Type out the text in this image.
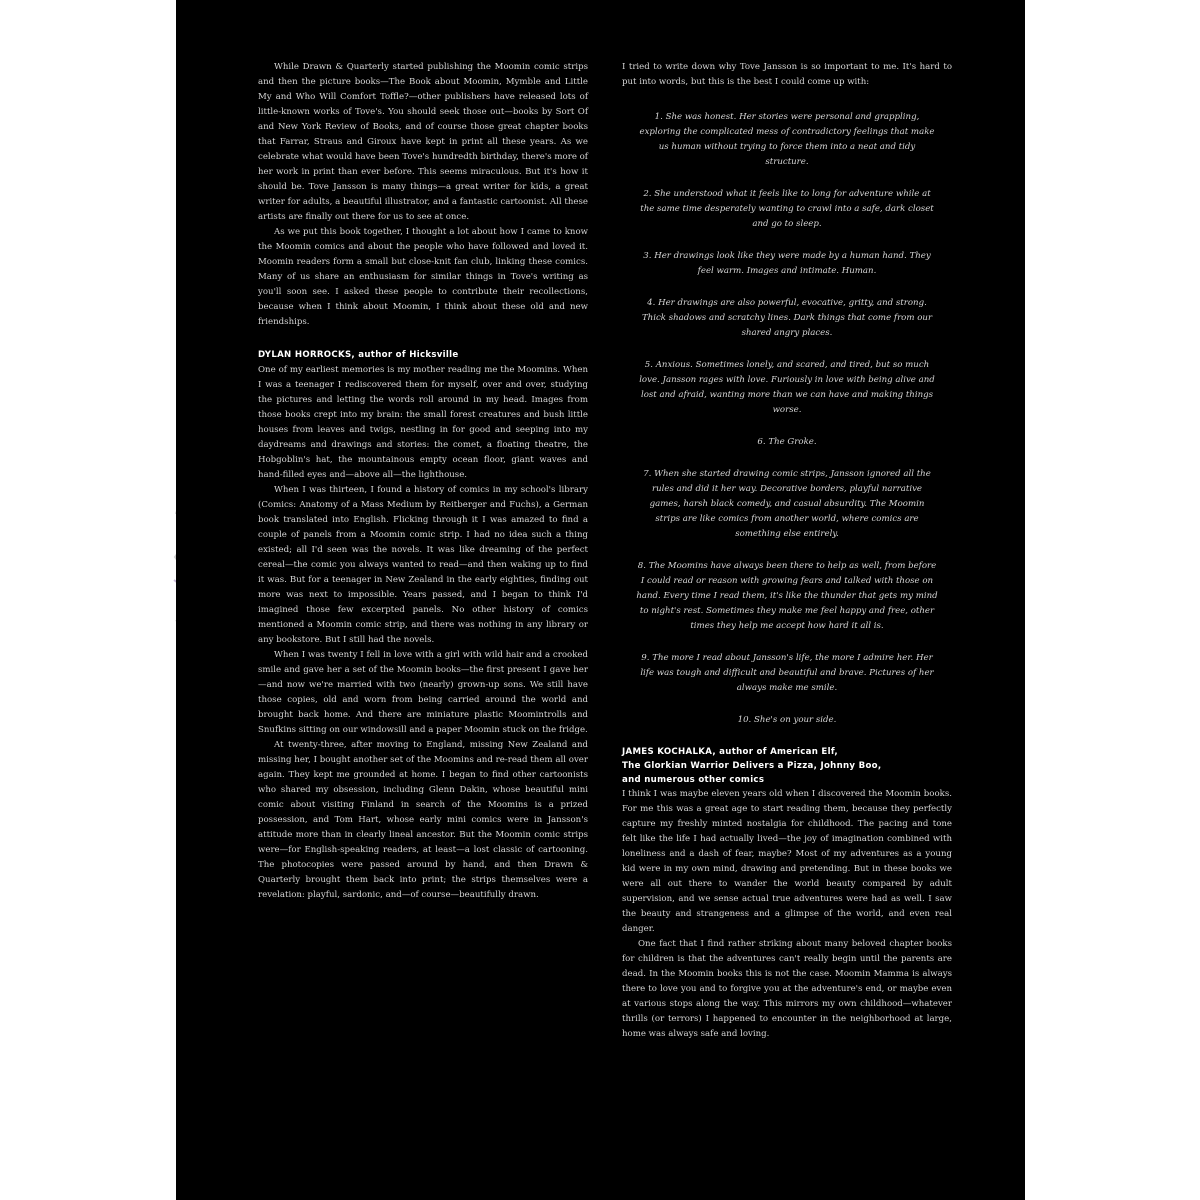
While Drawn & Quarterly started publishing the Moomin comic strips and then the picture books—The Book about Moomin, Mymble and Little My and Who Will Comfort Toffle?—other publishers have released lots of little-known works of Tove's. You should seek those out—books by Sort Of and New York Review of Books, and of course those great chapter books that Farrar, Straus and Giroux have kept in print all these years. As we celebrate what would have been Tove's hundredth birthday, there's more of her work in print than ever before. This seems miraculous. But it's how it should be. Tove Jansson is many things—a great writer for kids, a great writer for adults, a beautiful illustrator, and a fantastic cartoonist. All these artists are finally out there for us to see at once.

As we put this book together, I thought a lot about how I came to know the Moomin comics and about the people who have followed and loved it. Moomin readers form a small but close-knit fan club, linking these comics. Many of us share an enthusiasm for similar things in Tove's writing as you'll soon see. I asked these people to contribute their recollections, because when I think about Moomin, I think about these old and new friendships.

DYLAN HORROCKS, author of Hicksville

One of my earliest memories is my mother reading me the Moomins. When I was a teenager I rediscovered them for myself, over and over, studying the pictures and letting the words roll around in my head. Images from those books crept into my brain: the small forest creatures and bush little houses from leaves and twigs, nestling in for good and seeping into my daydreams and drawings and stories: the comet, a floating theatre, the Hobgoblin's hat, the mountainous empty ocean floor, giant waves and hand-filled eyes and—above all—the lighthouse.

When I was thirteen, I found a history of comics in my school's library (Comics: Anatomy of a Mass Medium by Reitberger and Fuchs), a German book translated into English. Flicking through it I was amazed to find a couple of panels from a Moomin comic strip. I had no idea such a thing existed; all I'd seen was the novels. It was like dreaming of the perfect cereal—the comic you always wanted to read—and then waking up to find it was. But for a teenager in New Zealand in the early eighties, finding out more was next to impossible. Years passed, and I began to think I'd imagined those few excerpted panels. No other history of comics mentioned a Moomin comic strip, and there was nothing in any library or any bookstore. But I still had the novels.

When I was twenty I fell in love with a girl with wild hair and a crooked smile and gave her a set of the Moomin books—the first present I gave her—and now we're married with two (nearly) grown-up sons. We still have those copies, old and worn from being carried around the world and brought back home. And there are miniature plastic Moomintrolls and Snufkins sitting on our windowsill and a paper Moomin stuck on the fridge.

At twenty-three, after moving to England, missing New Zealand and missing her, I bought another set of the Moomins and re-read them all over again. They kept me grounded at home. I began to find other cartoonists who shared my obsession, including Glenn Dakin, whose beautiful mini comic about visiting Finland in search of the Moomins is a prized possession, and Tom Hart, whose early mini comics were in Jansson's attitude more than in clearly lineal ancestor. But the Moomin comic strips were—for English-speaking readers, at least—a lost classic of cartooning. The photocopies were passed around by hand, and then Drawn & Quarterly brought them back into print; the strips themselves were a revelation: playful, sardonic, and—of course—beautifully drawn.

I tried to write down why Tove Jansson is so important to me. It's hard to put into words, but this is the best I could come up with:

1. She was honest. Her stories were personal and grappling, exploring the complicated mess of contradictory feelings that make us human without trying to force them into a neat and tidy structure.
2. She understood what it feels like to long for adventure while at the same time desperately wanting to crawl into a safe, dark closet and go to sleep.
3. Her drawings look like they were made by a human hand. They feel warm. Images and intimate. Human.
4. Her drawings are also powerful, evocative, gritty, and strong. Thick shadows and scratchy lines. Dark things that come from our shared angry places.
5. Anxious. Sometimes lonely, and scared, and tired, but so much love. Jansson rages with love. Furiously in love with being alive and lost and afraid, wanting more than we can have and making things worse.
6. The Groke.
7. When she started drawing comic strips, Jansson ignored all the rules and did it her way. Decorative borders, playful narrative games, harsh black comedy, and casual absurdity. The Moomin strips are like comics from another world, where comics are something else entirely.
8. The Moomins have always been there to help as well, from before I could read or reason with growing fears and talked with those on hand. Every time I read them, it's like the thunder that gets my mind to night's rest. Sometimes they make me feel happy and free, other times they help me accept how hard it all is.
9. The more I read about Jansson's life, the more I admire her. Her life was tough and difficult and beautiful and brave. Pictures of her always make me smile.
10. She's on your side.
JAMES KOCHALKA, author of American Elf,
The Glorkian Warrior Delivers a Pizza, Johnny Boo,
and numerous other comics

I think I was maybe eleven years old when I discovered the Moomin books. For me this was a great age to start reading them, because they perfectly capture my freshly minted nostalgia for childhood. The pacing and tone felt like the life I had actually lived—the joy of imagination combined with loneliness and a dash of fear, maybe? Most of my adventures as a young kid were in my own mind, drawing and pretending. But in these books we were all out there to wander the world beauty compared by adult supervision, and we sense actual true adventures were had as well. I saw the beauty and strangeness and a glimpse of the world, and even real danger.

One fact that I find rather striking about many beloved chapter books for children is that the adventures can't really begin until the parents are dead. In the Moomin books this is not the case. Moomin Mamma is always there to love you and to forgive you at the adventure's end, or maybe even at various stops along the way. This mirrors my own childhood—whatever thrills (or terrors) I happened to encounter in the neighborhood at large, home was always safe and loving.
